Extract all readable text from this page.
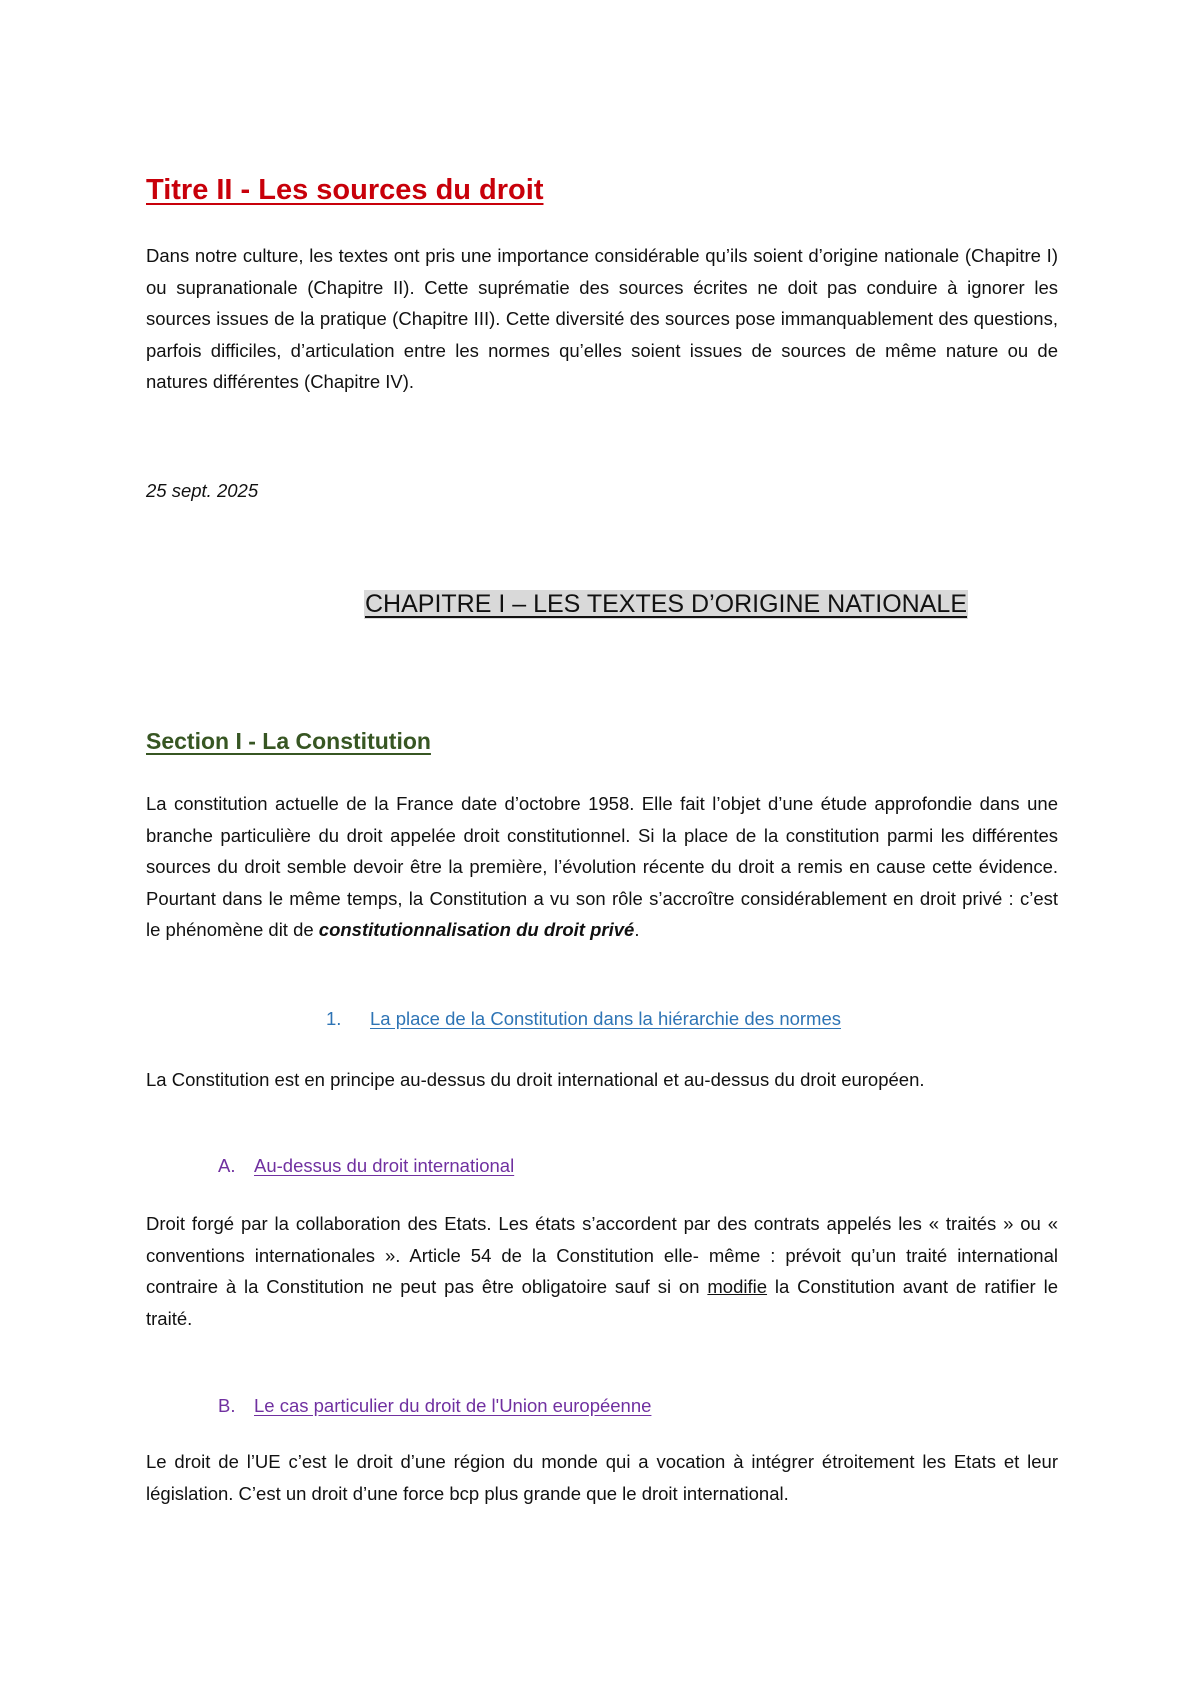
Titre II - Les sources du droit

Dans notre culture, les textes ont pris une importance considérable qu’ils soient d’origine nationale (Chapitre I) ou supranationale (Chapitre II). Cette suprématie des sources écrites ne doit pas conduire à ignorer les sources issues de la pratique (Chapitre III). Cette diversité des sources pose immanquablement des questions, parfois difficiles, d’articulation entre les normes qu’elles soient issues de sources de même nature ou de natures différentes (Chapitre IV).

25 sept. 2025
CHAPITRE I – LES TEXTES D’ORIGINE NATIONALE
Section I - La Constitution

La constitution actuelle de la France date d’octobre 1958. Elle fait l’objet d’une étude approfondie dans une branche particulière du droit appelée droit constitutionnel. Si la place de la constitution parmi les différentes sources du droit semble devoir être la première, l’évolution récente du droit a remis en cause cette évidence. Pourtant dans le même temps, la Constitution a vu son rôle s’accroître considérablement en droit privé : c’est le phénomène dit de constitutionnalisation du droit privé.

1. La place de la Constitution dans la hiérarchie des normes

La Constitution est en principe au-dessus du droit international et au-dessus du droit européen.

A. Au-dessus du droit international

Droit forgé par la collaboration des Etats. Les états s’accordent par des contrats appelés les « traités » ou « conventions internationales ». Article 54 de la Constitution elle- même : prévoit qu’un traité international contraire à la Constitution ne peut pas être obligatoire sauf si on modifie la Constitution avant de ratifier le traité.

B. Le cas particulier du droit de l'Union européenne

Le droit de l’UE c’est le droit d’une région du monde qui a vocation à intégrer étroitement les Etats et leur législation. C’est un droit d’une force bcp plus grande que le droit international.
